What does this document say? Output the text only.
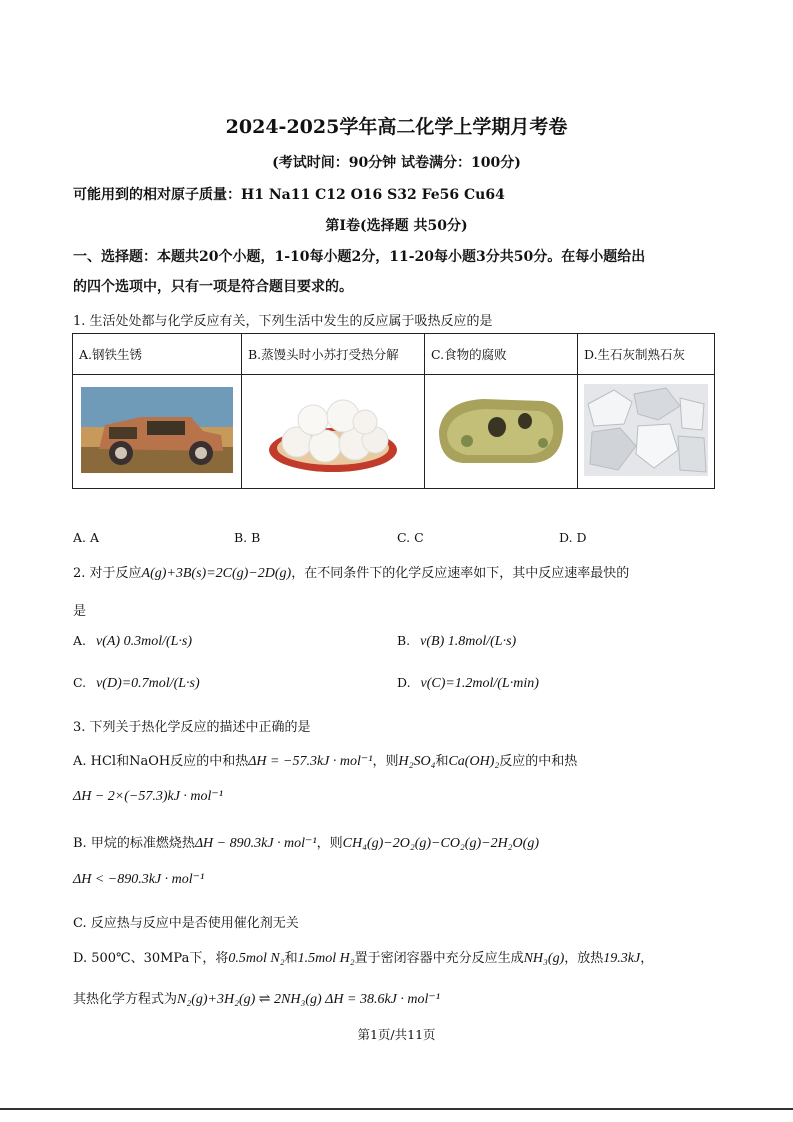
2024-2025学年高二化学上学期月考卷
(考试时间：90分钟 试卷满分：100分)
可能用到的相对原子质量：H1 Na11 C12 O16 S32 Fe56 Cu64
第Ⅰ卷(选择题 共50分)
一、选择题：本题共20个小题，1-10每小题2分，11-20每小题3分共50分。在每小题给出
的四个选项中，只有一项是符合题目要求的。
1. 生活处处都与化学反应有关，下列生活中发生的反应属于吸热反应的是
A.钢铁生锈	B.蒸馒头时小苏打受热分解	C.食物的腐败	D.生石灰制熟石灰

A. A	B. B	C. C	D. D
2. 对于反应A(g)+3B(s)=2C(g)−2D(g)，在不同条件下的化学反应速率如下，其中反应速率最快的
是
A. v(A) 0.3mol/(L·s)	B. v(B) 1.8mol/(L·s)
C. v(D)=0.7mol/(L·s)	D. v(C)=1.2mol/(L·min)
3. 下列关于热化学反应的描述中正确的是
A. HCl和NaOH反应的中和热ΔH = −57.3kJ · mol⁻¹，则H₂SO₄和Ca(OH)₂反应的中和热
ΔH − 2×(−57.3)kJ · mol⁻¹
B. 甲烷的标准燃烧热ΔH − 890.3kJ · mol⁻¹，则CH₄(g)−2O₂(g)−CO₂(g)−2H₂O(g)
ΔH < −890.3kJ · mol⁻¹
C. 反应热与反应中是否使用催化剂无关
D. 500℃、30MPa下，将0.5mol N₂和1.5mol H₂置于密闭容器中充分反应生成NH₃(g)，放热19.3kJ，
其热化学方程式为N₂(g)+3H₂(g) ⇌ 2NH₃(g) ΔH = 38.6kJ · mol⁻¹
第1页/共11页
